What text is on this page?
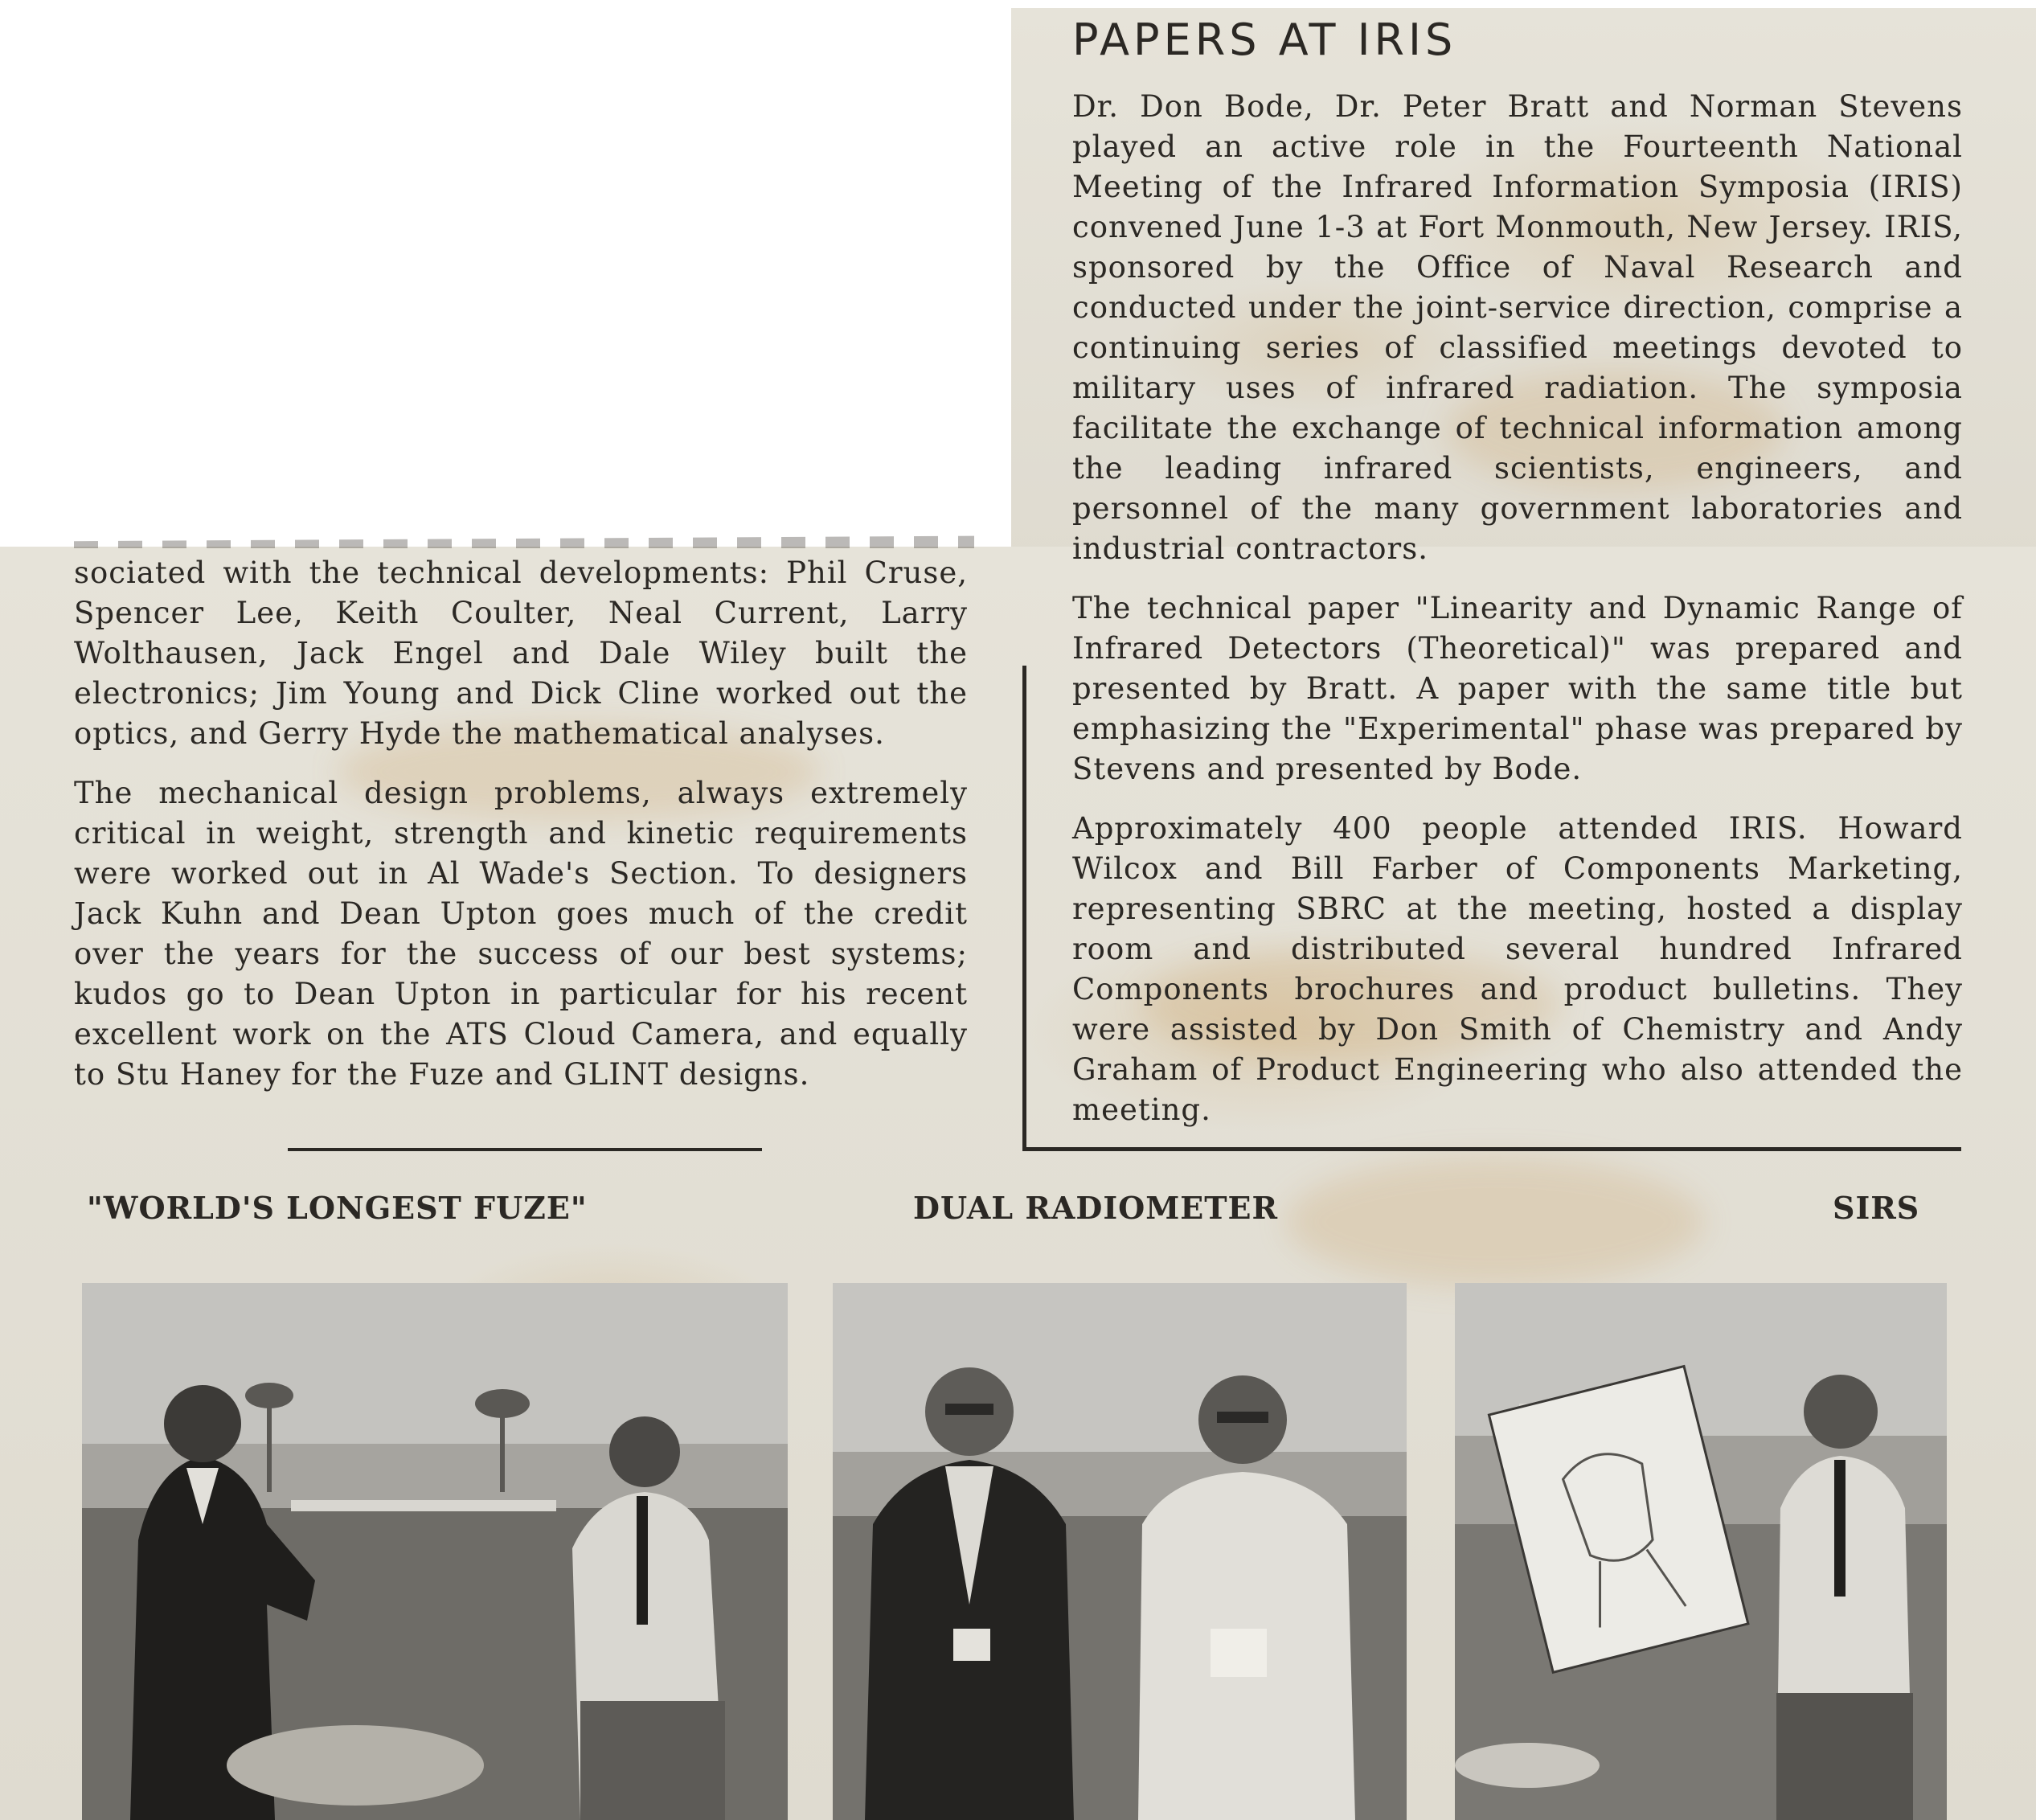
PAPERS AT IRIS

Dr. Don Bode, Dr. Peter Bratt and Norman Stevens played an active role in the Fourteenth National Meeting of the Infrared Information Symposia (IRIS) convened June 1-3 at Fort Monmouth, New Jersey. IRIS, sponsored by the Office of Naval Research and conducted under the joint-service direction, comprise a continuing series of classified meetings devoted to military uses of infrared radiation. The symposia facilitate the exchange of technical information among the leading infrared scientists, engineers, and personnel of the many government laboratories and industrial contractors.

The technical paper "Linearity and Dynamic Range of Infrared Detectors (Theoretical)" was prepared and presented by Bratt. A paper with the same title but emphasizing the "Experimental" phase was prepared by Stevens and presented by Bode.

Approximately 400 people attended IRIS. Howard Wilcox and Bill Farber of Components Marketing, representing SBRC at the meeting, hosted a display room and distributed several hundred Infrared Components brochures and product bulletins. They were assisted by Don Smith of Chemistry and Andy Graham of Product Engineering who also attended the meeting.

sociated with the technical developments: Phil Cruse, Spencer Lee, Keith Coulter, Neal Current, Larry Wolthausen, Jack Engel and Dale Wiley built the electronics; Jim Young and Dick Cline worked out the optics, and Gerry Hyde the mathematical analyses.

The mechanical design problems, always extremely critical in weight, strength and kinetic requirements were worked out in Al Wade's Section. To designers Jack Kuhn and Dean Upton goes much of the credit over the years for the success of our best systems; kudos go to Dean Upton in particular for his recent excellent work on the ATS Cloud Camera, and equally to Stu Haney for the Fuze and GLINT designs.

"WORLD'S LONGEST FUZE"	DUAL RADIOMETER	SIRS
